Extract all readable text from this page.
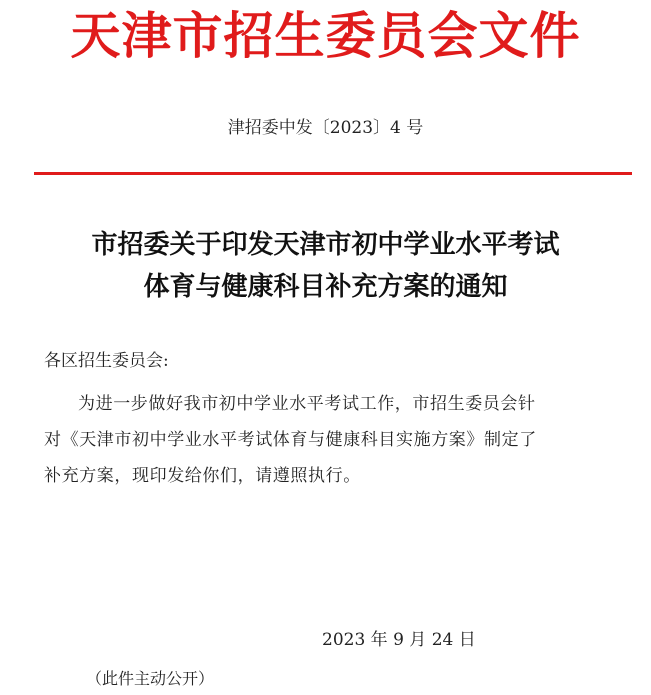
天津市招生委员会文件
津招委中发〔2023〕4 号
市招委关于印发天津市初中学业水平考试
体育与健康科目补充方案的通知
各区招生委员会:
为进一步做好我市初中学业水平考试工作，市招生委员会针
对《天津市初中学业水平考试体育与健康科目实施方案》制定了
补充方案，现印发给你们，请遵照执行。
2023 年 9 月 24 日
（此件主动公开）
